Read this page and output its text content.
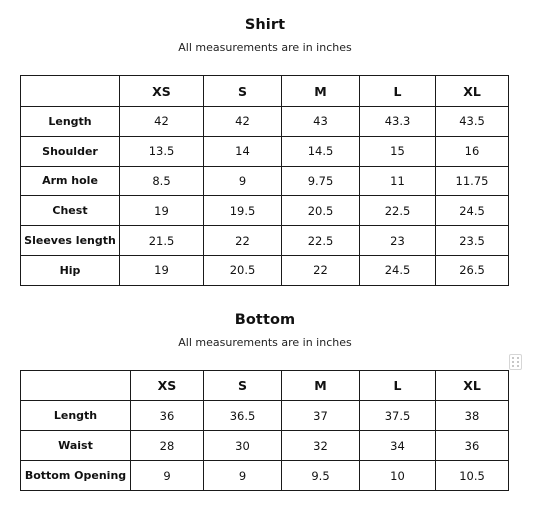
Shirt
All measurements are in inches
	XS	S	M	L	XL
Length	42	42	43	43.3	43.5
Shoulder	13.5	14	14.5	15	16
Arm hole	8.5	9	9.75	11	11.75
Chest	19	19.5	20.5	22.5	24.5
Sleeves length	21.5	22	22.5	23	23.5
Hip	19	20.5	22	24.5	26.5
Bottom
All measurements are in inches
	XS	S	M	L	XL
Length	36	36.5	37	37.5	38
Waist	28	30	32	34	36
Bottom Opening	9	9	9.5	10	10.5
